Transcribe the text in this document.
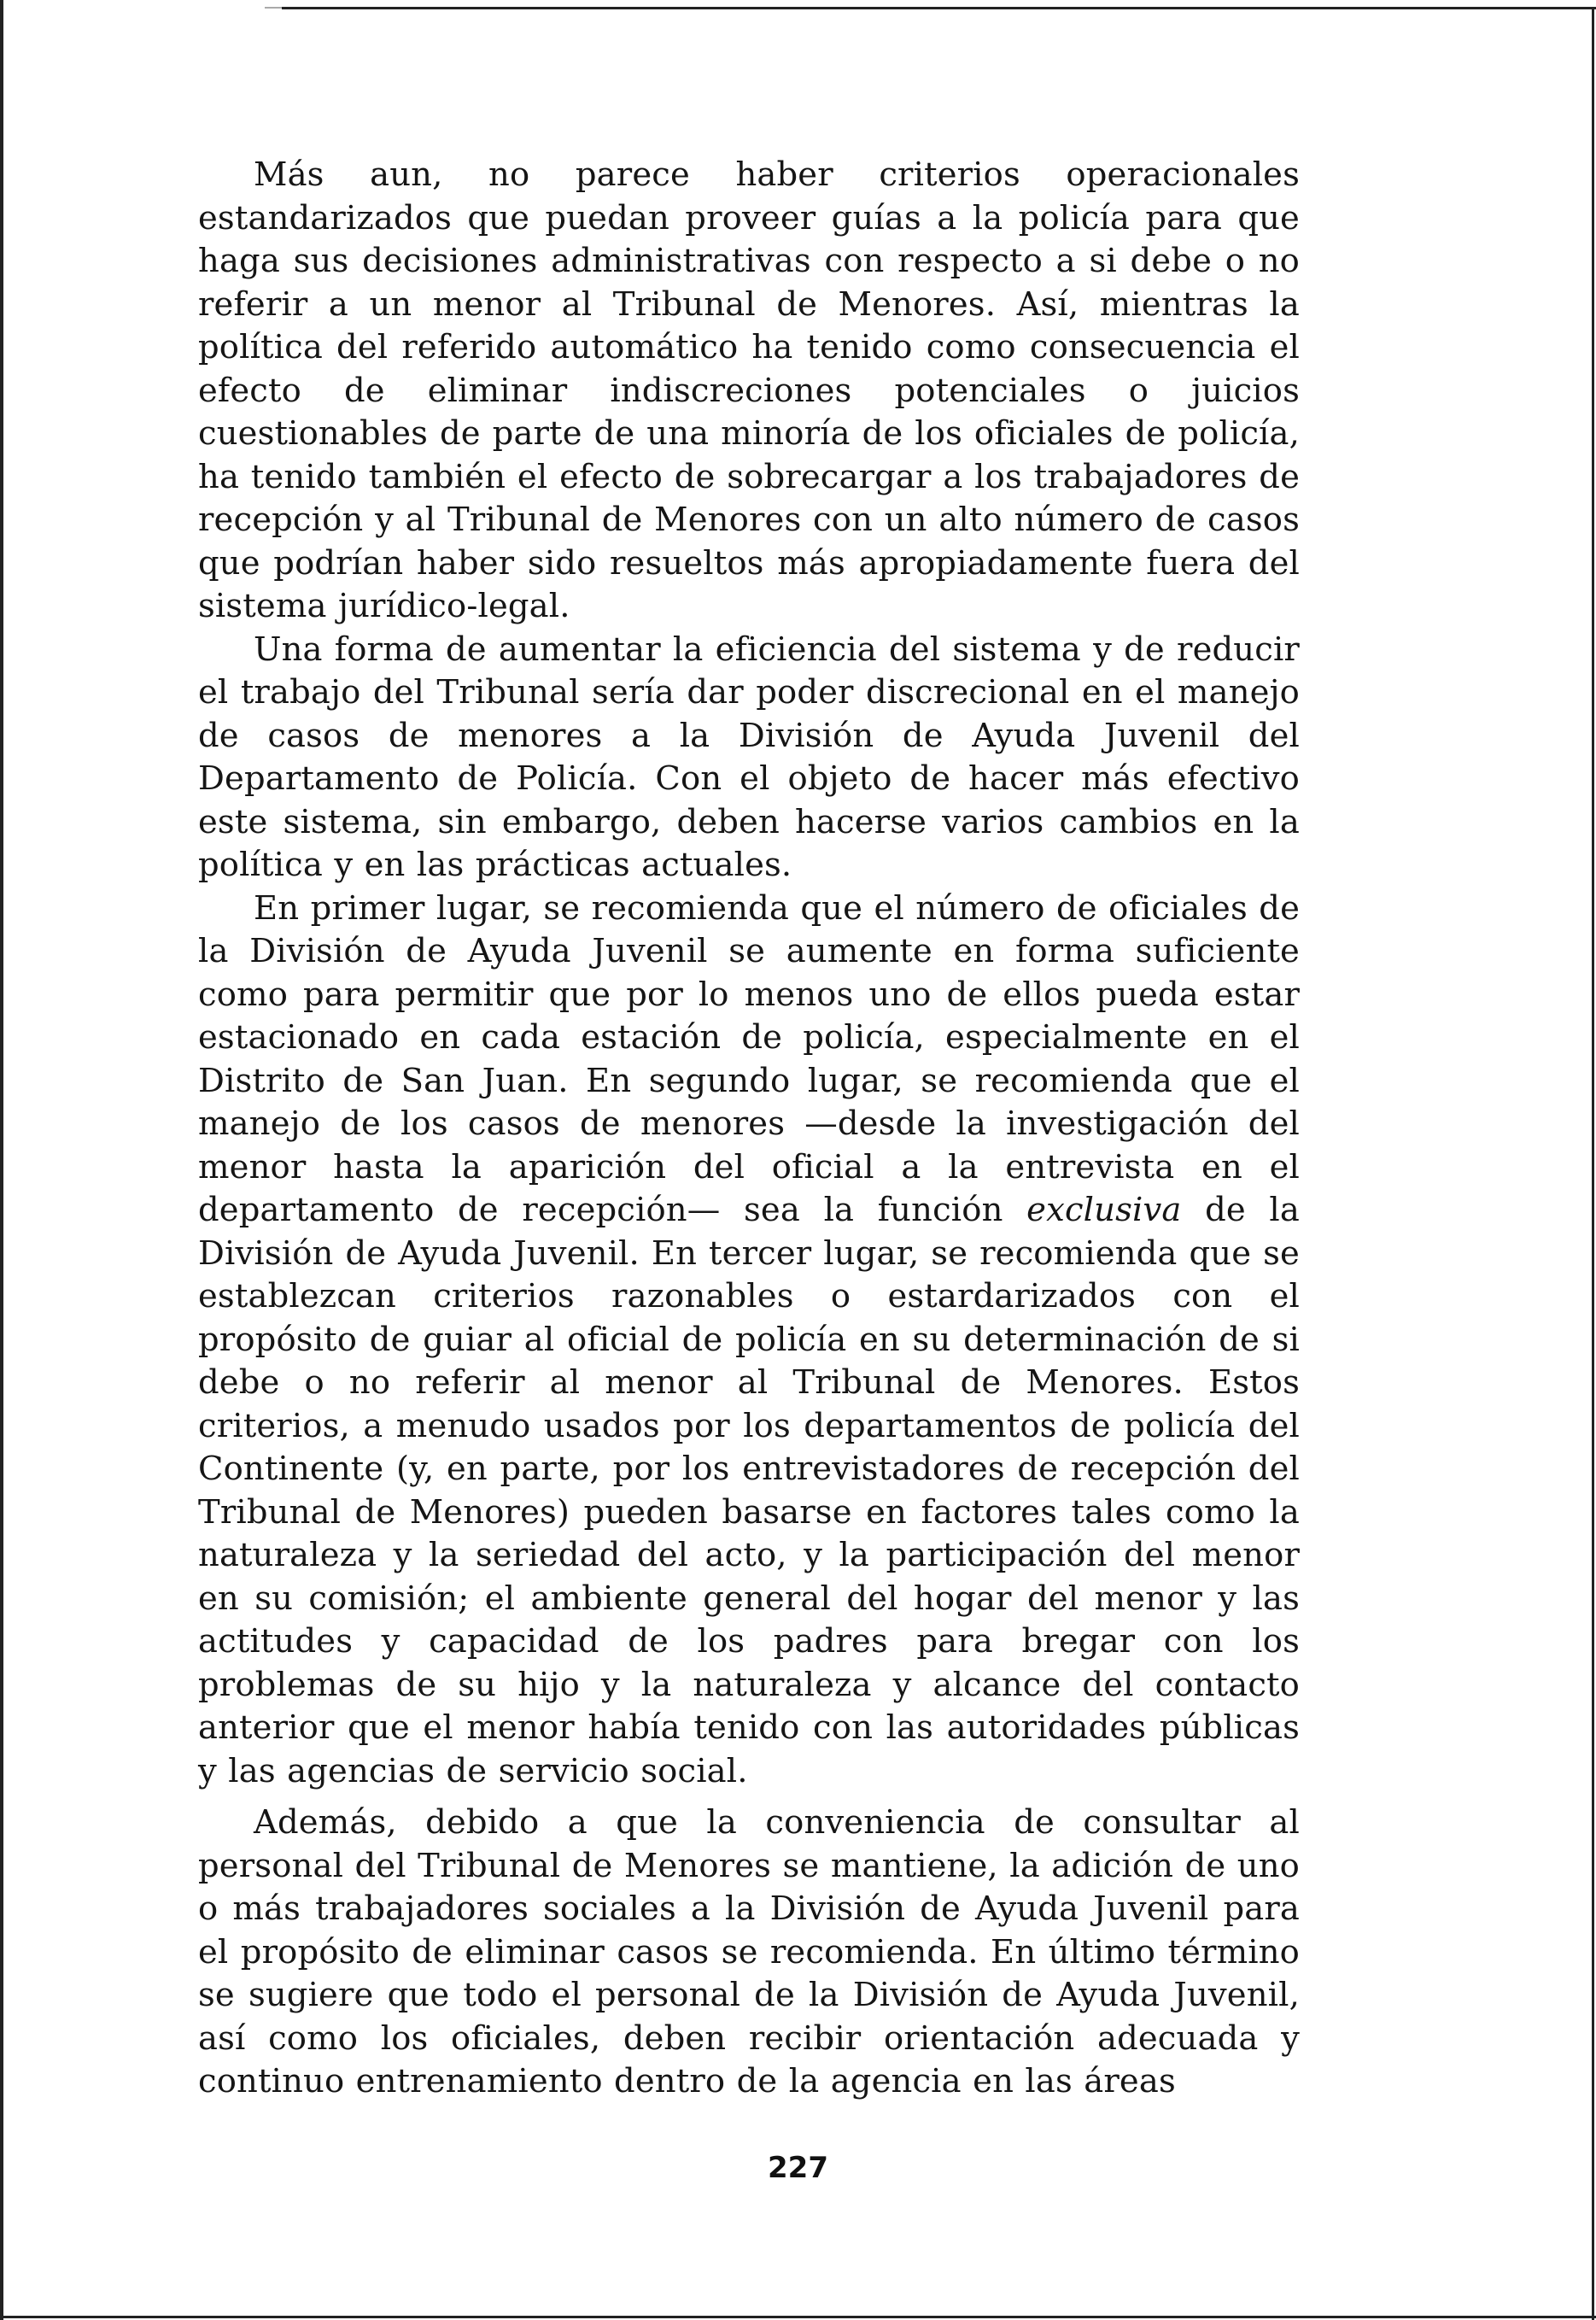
Más aun, no parece haber criterios operacionales estandarizados que puedan proveer guías a la policía para que haga sus decisiones administrativas con respecto a si debe o no referir a un menor al Tribunal de Menores. Así, mientras la política del referido automático ha tenido como consecuencia el efecto de eliminar indiscreciones potenciales o juicios cuestionables de parte de una minoría de los oficiales de policía, ha tenido también el efecto de sobrecargar a los trabajadores de recepción y al Tribunal de Menores con un alto número de casos que podrían haber sido resueltos más apropiadamente fuera del sistema jurídico-legal.

Una forma de aumentar la eficiencia del sistema y de reducir el trabajo del Tribunal sería dar poder discrecional en el manejo de casos de menores a la División de Ayuda Juvenil del Departamento de Policía. Con el objeto de hacer más efectivo este sistema, sin embargo, deben hacerse varios cambios en la política y en las prácticas actuales.

En primer lugar, se recomienda que el número de oficiales de la División de Ayuda Juvenil se aumente en forma suficiente como para permitir que por lo menos uno de ellos pueda estar estacionado en cada estación de policía, especialmente en el Distrito de San Juan. En segundo lugar, se recomienda que el manejo de los casos de menores —desde la investigación del menor hasta la aparición del oficial a la entrevista en el departamento de recepción— sea la función exclusiva de la División de Ayuda Juvenil. En tercer lugar, se recomienda que se establezcan criterios razonables o estardarizados con el propósito de guiar al oficial de policía en su determinación de si debe o no referir al menor al Tribunal de Menores. Estos criterios, a menudo usados por los departamentos de policía del Continente (y, en parte, por los entrevistadores de recepción del Tribunal de Menores) pueden basarse en factores tales como la naturaleza y la seriedad del acto, y la participación del menor en su comisión; el ambiente general del hogar del menor y las actitudes y capacidad de los padres para bregar con los problemas de su hijo y la naturaleza y alcance del contacto anterior que el menor había tenido con las autoridades públicas y las agencias de servicio social.

Además, debido a que la conveniencia de consultar al personal del Tribunal de Menores se mantiene, la adición de uno o más trabajadores sociales a la División de Ayuda Juvenil para el propósito de eliminar casos se recomienda. En último término se sugiere que todo el personal de la División de Ayuda Juvenil, así como los oficiales, deben recibir orientación adecuada y continuo entrenamiento dentro de la agencia en las áreas

227
